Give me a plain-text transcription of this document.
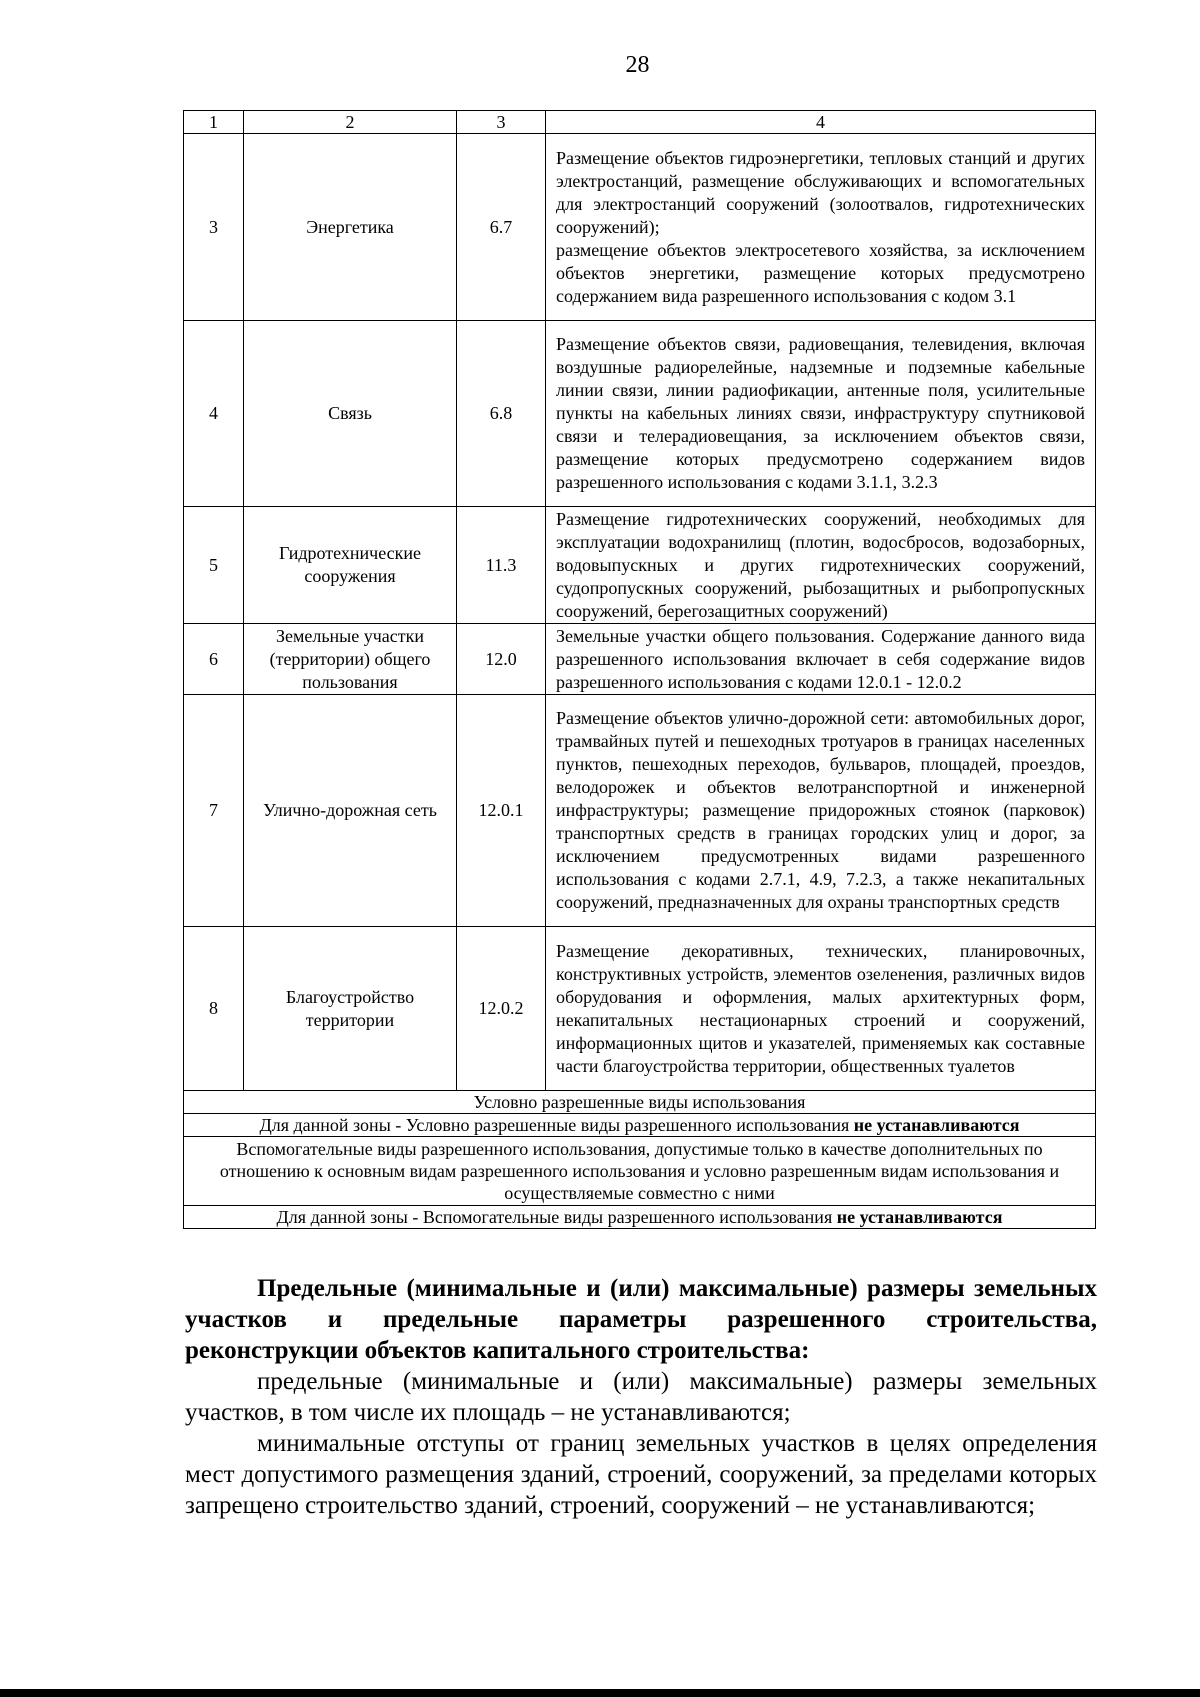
28
1	2	3	4
3	Энергетика	6.7	Размещение объектов гидроэнергетики, тепловых станций и других электростанций, размещение обслуживающих и вспомогательных для электростанций сооружений (золоотвалов, гидротехнических сооружений);
размещение объектов электросетевого хозяйства, за исключением объектов энергетики, размещение которых предусмотрено содержанием вида разрешенного использования с кодом 3.1
4	Связь	6.8	Размещение объектов связи, радиовещания, телевидения, включая воздушные радиорелейные, надземные и подземные кабельные линии связи, линии радиофикации, антенные поля, усилительные пункты на кабельных линиях связи, инфраструктуру спутниковой связи и телерадиовещания, за исключением объектов связи, размещение которых предусмотрено содержанием видов разрешенного использования с кодами 3.1.1, 3.2.3
5	Гидротехнические сооружения	11.3	Размещение гидротехнических сооружений, необходимых для эксплуатации водохранилищ (плотин, водосбросов, водозаборных, водовыпускных и других гидротехнических сооружений, судопропускных сооружений, рыбозащитных и рыбопропускных сооружений, берегозащитных сооружений)
6	Земельные участки (территории) общего пользования	12.0	Земельные участки общего пользования. Содержание данного вида разрешенного использования включает в себя содержание видов разрешенного использования с кодами 12.0.1 - 12.0.2
7	Улично-дорожная сеть	12.0.1	Размещение объектов улично-дорожной сети: автомобильных дорог, трамвайных путей и пешеходных тротуаров в границах населенных пунктов, пешеходных переходов, бульваров, площадей, проездов, велодорожек и объектов велотранспортной и инженерной инфраструктуры; размещение придорожных стоянок (парковок) транспортных средств в границах городских улиц и дорог, за исключением предусмотренных видами разрешенного использования с кодами 2.7.1, 4.9, 7.2.3, а также некапитальных сооружений, предназначенных для охраны транспортных средств
8	Благоустройство территории	12.0.2	Размещение декоративных, технических, планировочных, конструктивных устройств, элементов озеленения, различных видов оборудования и оформления, малых архитектурных форм, некапитальных нестационарных строений и сооружений, информационных щитов и указателей, применяемых как составные части благоустройства территории, общественных туалетов
Условно разрешенные виды использования			
Для данной зоны - Условно разрешенные виды разрешенного использования не устанавливаются			
Вспомогательные виды разрешенного использования, допустимые только в качестве дополнительных по отношению к основным видам разрешенного использования и условно разрешенным видам использования и осуществляемые совместно с ними			
Для данной зоны - Вспомогательные виды разрешенного использования не устанавливаются			
Предельные (минимальные и (или) максимальные) размеры земельных участков и предельные параметры разрешенного строительства, реконструкции объектов капитального строительства:

предельные (минимальные и (или) максимальные) размеры земельных участков, в том числе их площадь – не устанавливаются;

минимальные отступы от границ земельных участков в целях определения мест допустимого размещения зданий, строений, сооружений, за пределами которых запрещено строительство зданий, строений, сооружений – не устанавливаются;
